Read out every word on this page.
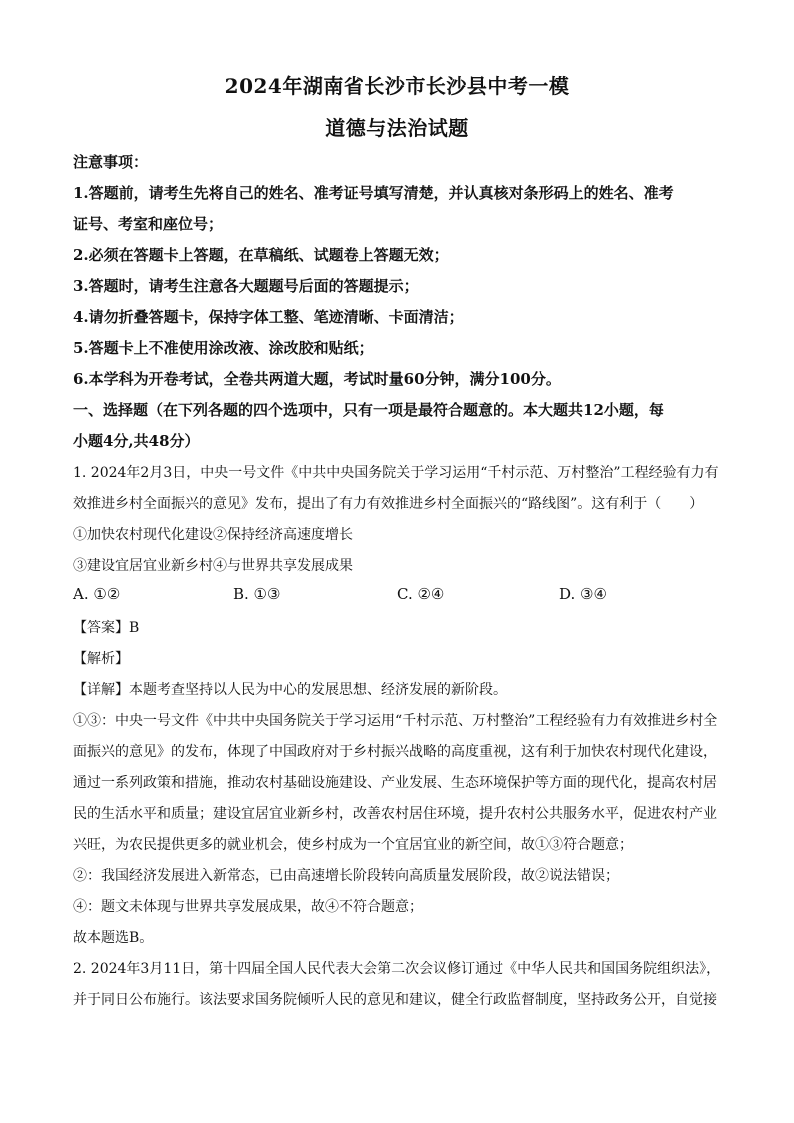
2024年湖南省长沙市长沙县中考一模
道德与法治试题
注意事项：
1.答题前，请考生先将自己的姓名、准考证号填写清楚，并认真核对条形码上的姓名、准考
证号、考室和座位号；
2.必须在答题卡上答题，在草稿纸、试题卷上答题无效；
3.答题时，请考生注意各大题题号后面的答题提示；
4.请勿折叠答题卡，保持字体工整、笔迹清晰、卡面清洁；
5.答题卡上不准使用涂改液、涂改胶和贴纸；
6.本学科为开卷考试，全卷共两道大题，考试时量60分钟，满分100分。
一、选择题（在下列各题的四个选项中，只有一项是最符合题意的。本大题共12小题，每
小题4分,共48分）
1. 2024年2月3日，中央一号文件《中共中央国务院关于学习运用“千村示范、万村整治”工程经验有力有
效推进乡村全面振兴的意见》发布，提出了有力有效推进乡村全面振兴的“路线图”。这有利于（　　）
①加快农村现代化建设②保持经济高速度增长
③建设宜居宜业新乡村④与世界共享发展成果
A. ①②	B. ①③	C. ②④	D. ③④
【答案】B
【解析】
【详解】本题考查坚持以人民为中心的发展思想、经济发展的新阶段。
①③：中央一号文件《中共中央国务院关于学习运用“千村示范、万村整治”工程经验有力有效推进乡村全
面振兴的意见》的发布，体现了中国政府对于乡村振兴战略的高度重视，这有利于加快农村现代化建设，
通过一系列政策和措施，推动农村基础设施建设、产业发展、生态环境保护等方面的现代化，提高农村居
民的生活水平和质量；建设宜居宜业新乡村，改善农村居住环境，提升农村公共服务水平，促进农村产业
兴旺，为农民提供更多的就业机会，使乡村成为一个宜居宜业的新空间，故①③符合题意；
②：我国经济发展进入新常态，已由高速增长阶段转向高质量发展阶段，故②说法错误；
④：题文未体现与世界共享发展成果，故④不符合题意；
故本题选B。
2. 2024年3月11日，第十四届全国人民代表大会第二次会议修订通过《中华人民共和国国务院组织法》，
并于同日公布施行。该法要求国务院倾听人民的意见和建议，健全行政监督制度，坚持政务公开，自觉接
